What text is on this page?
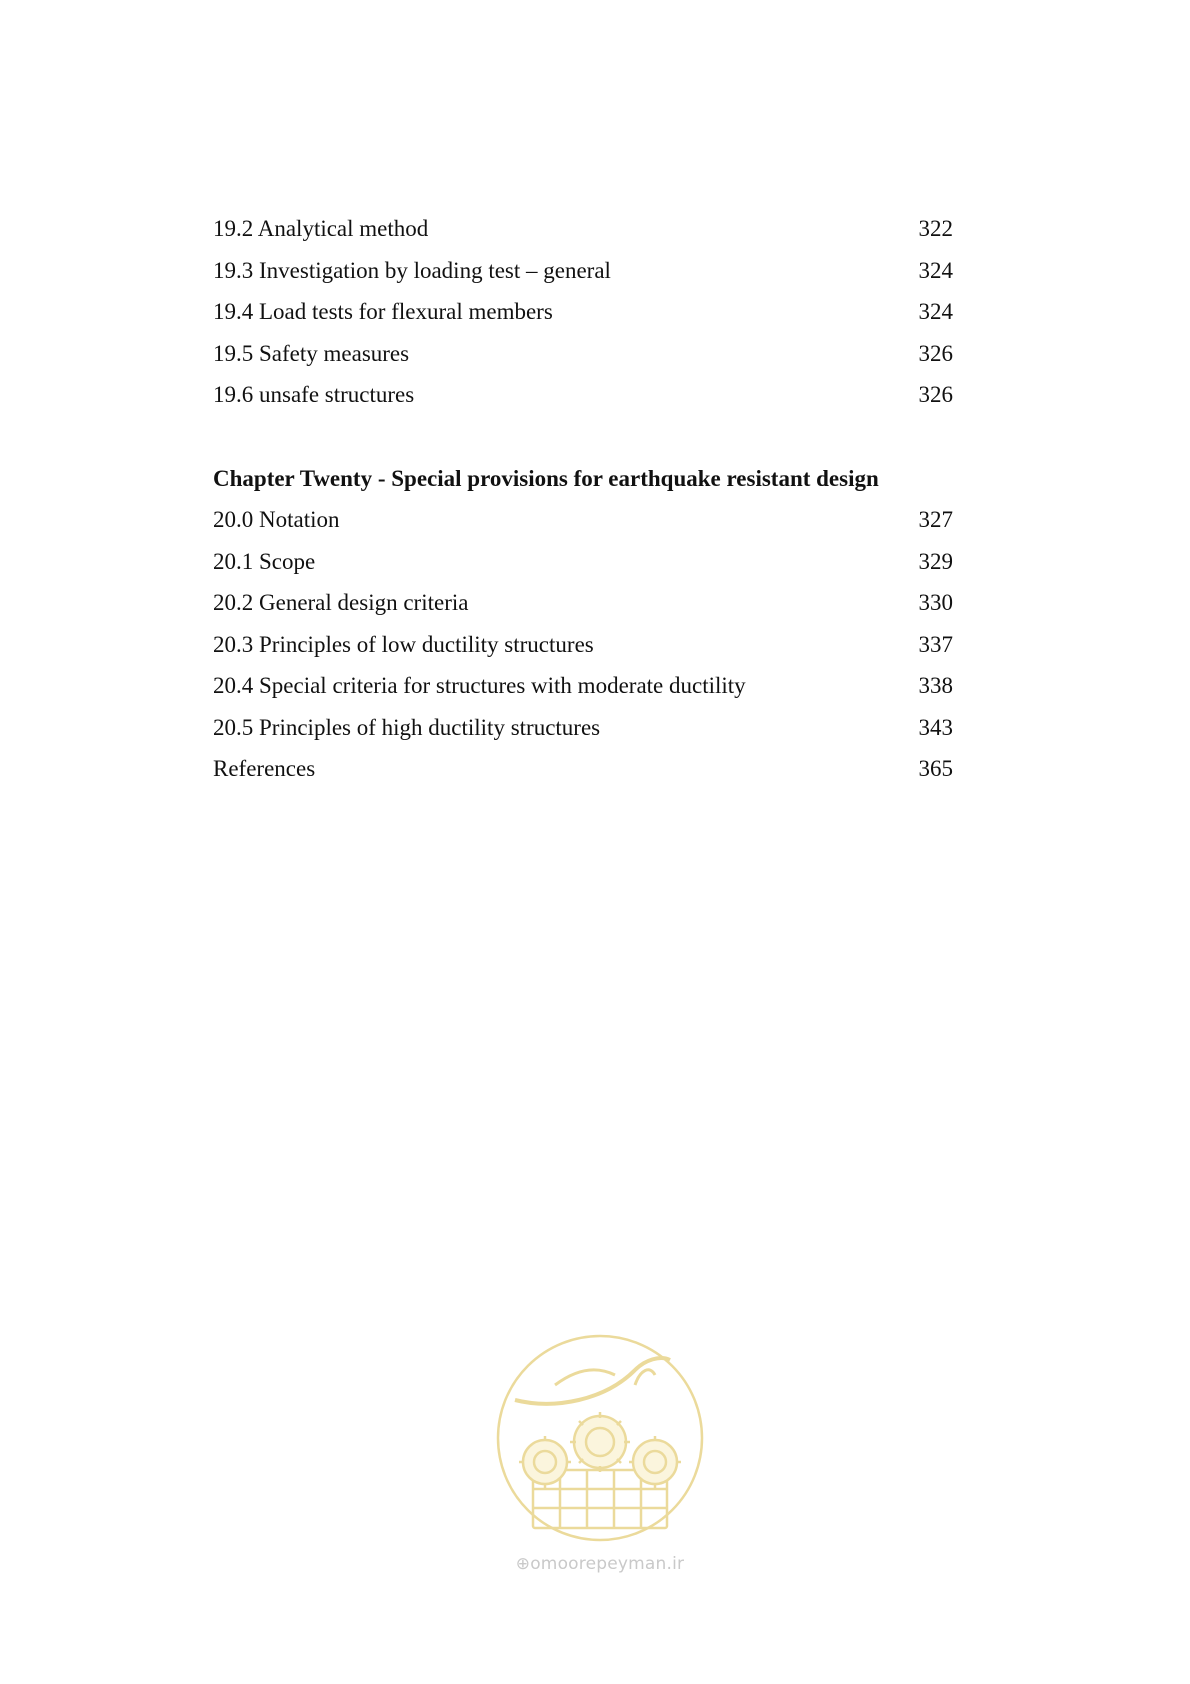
19.2 Analytical method	322
19.3 Investigation by loading test – general	324
19.4 Load tests for flexural members	324
19.5 Safety measures	326
19.6 unsafe structures	326
Chapter Twenty - Special provisions for earthquake resistant design
20.0 Notation	327
20.1 Scope	329
20.2 General design criteria	330
20.3 Principles of low ductility structures	337
20.4 Special criteria for structures with moderate ductility	338
20.5 Principles of high ductility structures	343
References	365
⊕omoorepeyman.ir
